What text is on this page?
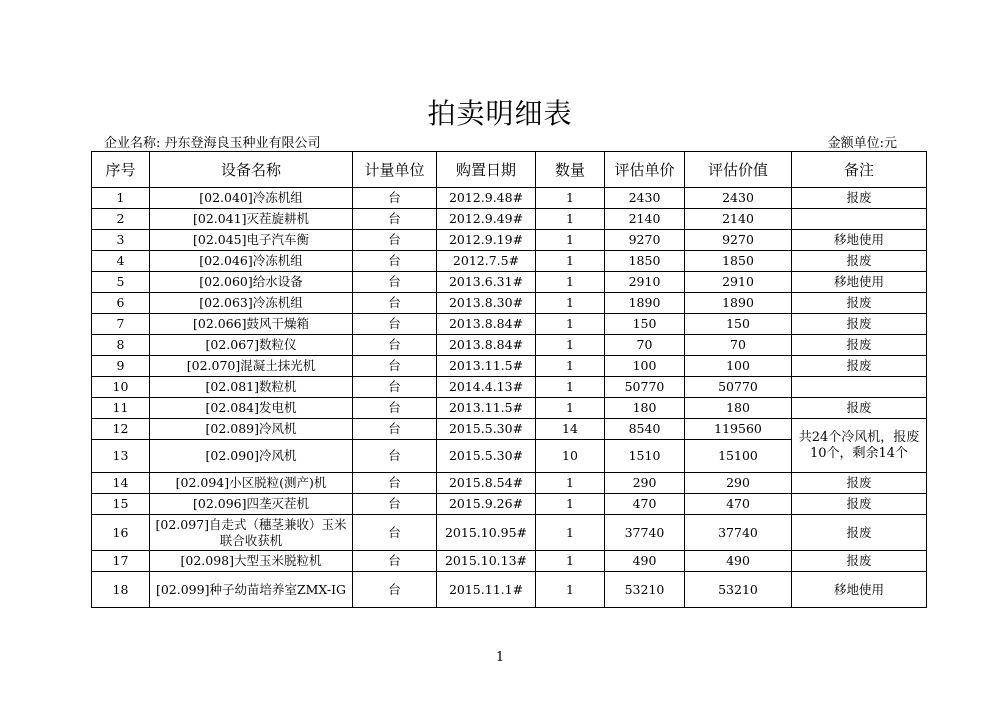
拍卖明细表
企业名称: 丹东登海良玉种业有限公司	金额单位:元
序号	设备名称	计量单位	购置日期	数量	评估单价	评估价值	备注
1	[02.040]冷冻机组	台	2012.9.48#	1	2430	2430	报废
2	[02.041]灭茬旋耕机	台	2012.9.49#	1	2140	2140	
3	[02.045]电子汽车衡	台	2012.9.19#	1	9270	9270	移地使用
4	[02.046]冷冻机组	台	2012.7.5#	1	1850	1850	报废
5	[02.060]给水设备	台	2013.6.31#	1	2910	2910	移地使用
6	[02.063]冷冻机组	台	2013.8.30#	1	1890	1890	报废
7	[02.066]鼓风干燥箱	台	2013.8.84#	1	150	150	报废
8	[02.067]数粒仪	台	2013.8.84#	1	70	70	报废
9	[02.070]混凝土抹光机	台	2013.11.5#	1	100	100	报废
10	[02.081]数粒机	台	2014.4.13#	1	50770	50770	
11	[02.084]发电机	台	2013.11.5#	1	180	180	报废
12	[02.089]冷风机	台	2015.5.30#	14	8540	119560	共24个冷风机，报废10个，剩余14个
13	[02.090]冷风机	台	2015.5.30#	10	1510	15100	
14	[02.094]小区脱粒(测产)机	台	2015.8.54#	1	290	290	报废
15	[02.096]四垄灭茬机	台	2015.9.26#	1	470	470	报废
16	[02.097]自走式（穗茎兼收）玉米联合收获机	台	2015.10.95#	1	37740	37740	报废
17	[02.098]大型玉米脱粒机	台	2015.10.13#	1	490	490	报废
18	[02.099]种子幼苗培养室ZMX-IG	台	2015.11.1#	1	53210	53210	移地使用
1
